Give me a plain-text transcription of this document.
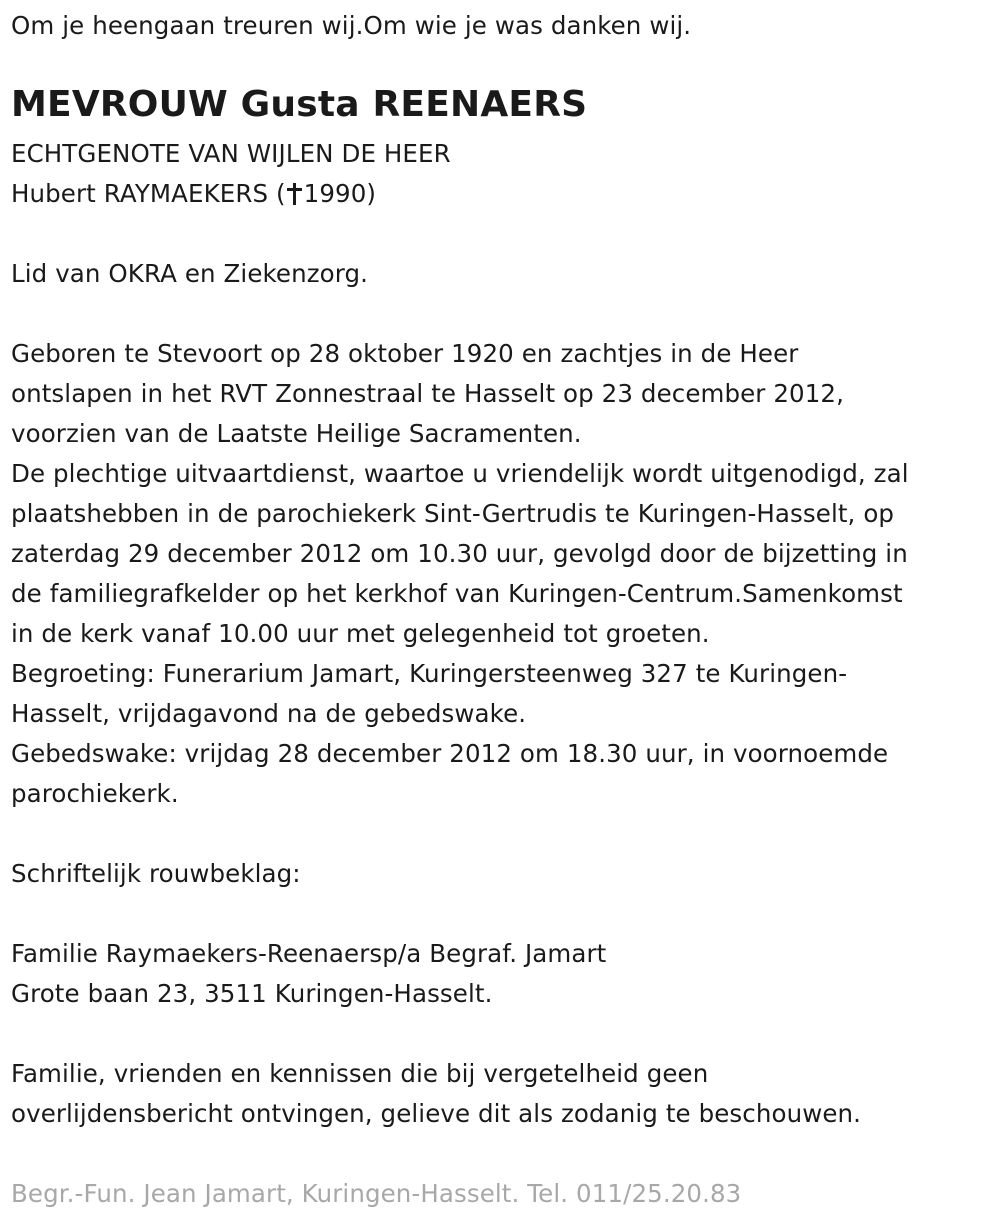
Om je heengaan treuren wij.Om wie je was danken wij.
MEVROUW Gusta REENAERS
ECHTGENOTE VAN WIJLEN DE HEER
Hubert RAYMAEKERS ( 1990)
Lid van OKRA en Ziekenzorg.
Geboren te Stevoort op 28 oktober 1920 en zachtjes in de Heer
ontslapen in het RVT Zonnestraal te Hasselt op 23 december 2012,
voorzien van de Laatste Heilige Sacramenten.
De plechtige uitvaartdienst, waartoe u vriendelijk wordt uitgenodigd, zal
plaatshebben in de parochiekerk Sint-Gertrudis te Kuringen-Hasselt, op
zaterdag 29 december 2012 om 10.30 uur, gevolgd door de bijzetting in
de familiegrafkelder op het kerkhof van Kuringen-Centrum.Samenkomst
in de kerk vanaf 10.00 uur met gelegenheid tot groeten.
Begroeting: Funerarium Jamart, Kuringersteenweg 327 te Kuringen-
Hasselt, vrijdagavond na de gebedswake.
Gebedswake: vrijdag 28 december 2012 om 18.30 uur, in voornoemde
parochiekerk.
Schriftelijk rouwbeklag:
Familie Raymaekers-Reenaersp/a Begraf. Jamart
Grote baan 23, 3511 Kuringen-Hasselt.
Familie, vrienden en kennissen die bij vergetelheid geen
overlijdensbericht ontvingen, gelieve dit als zodanig te beschouwen.
Begr.-Fun. Jean Jamart, Kuringen-Hasselt. Tel. 011/25.20.83
